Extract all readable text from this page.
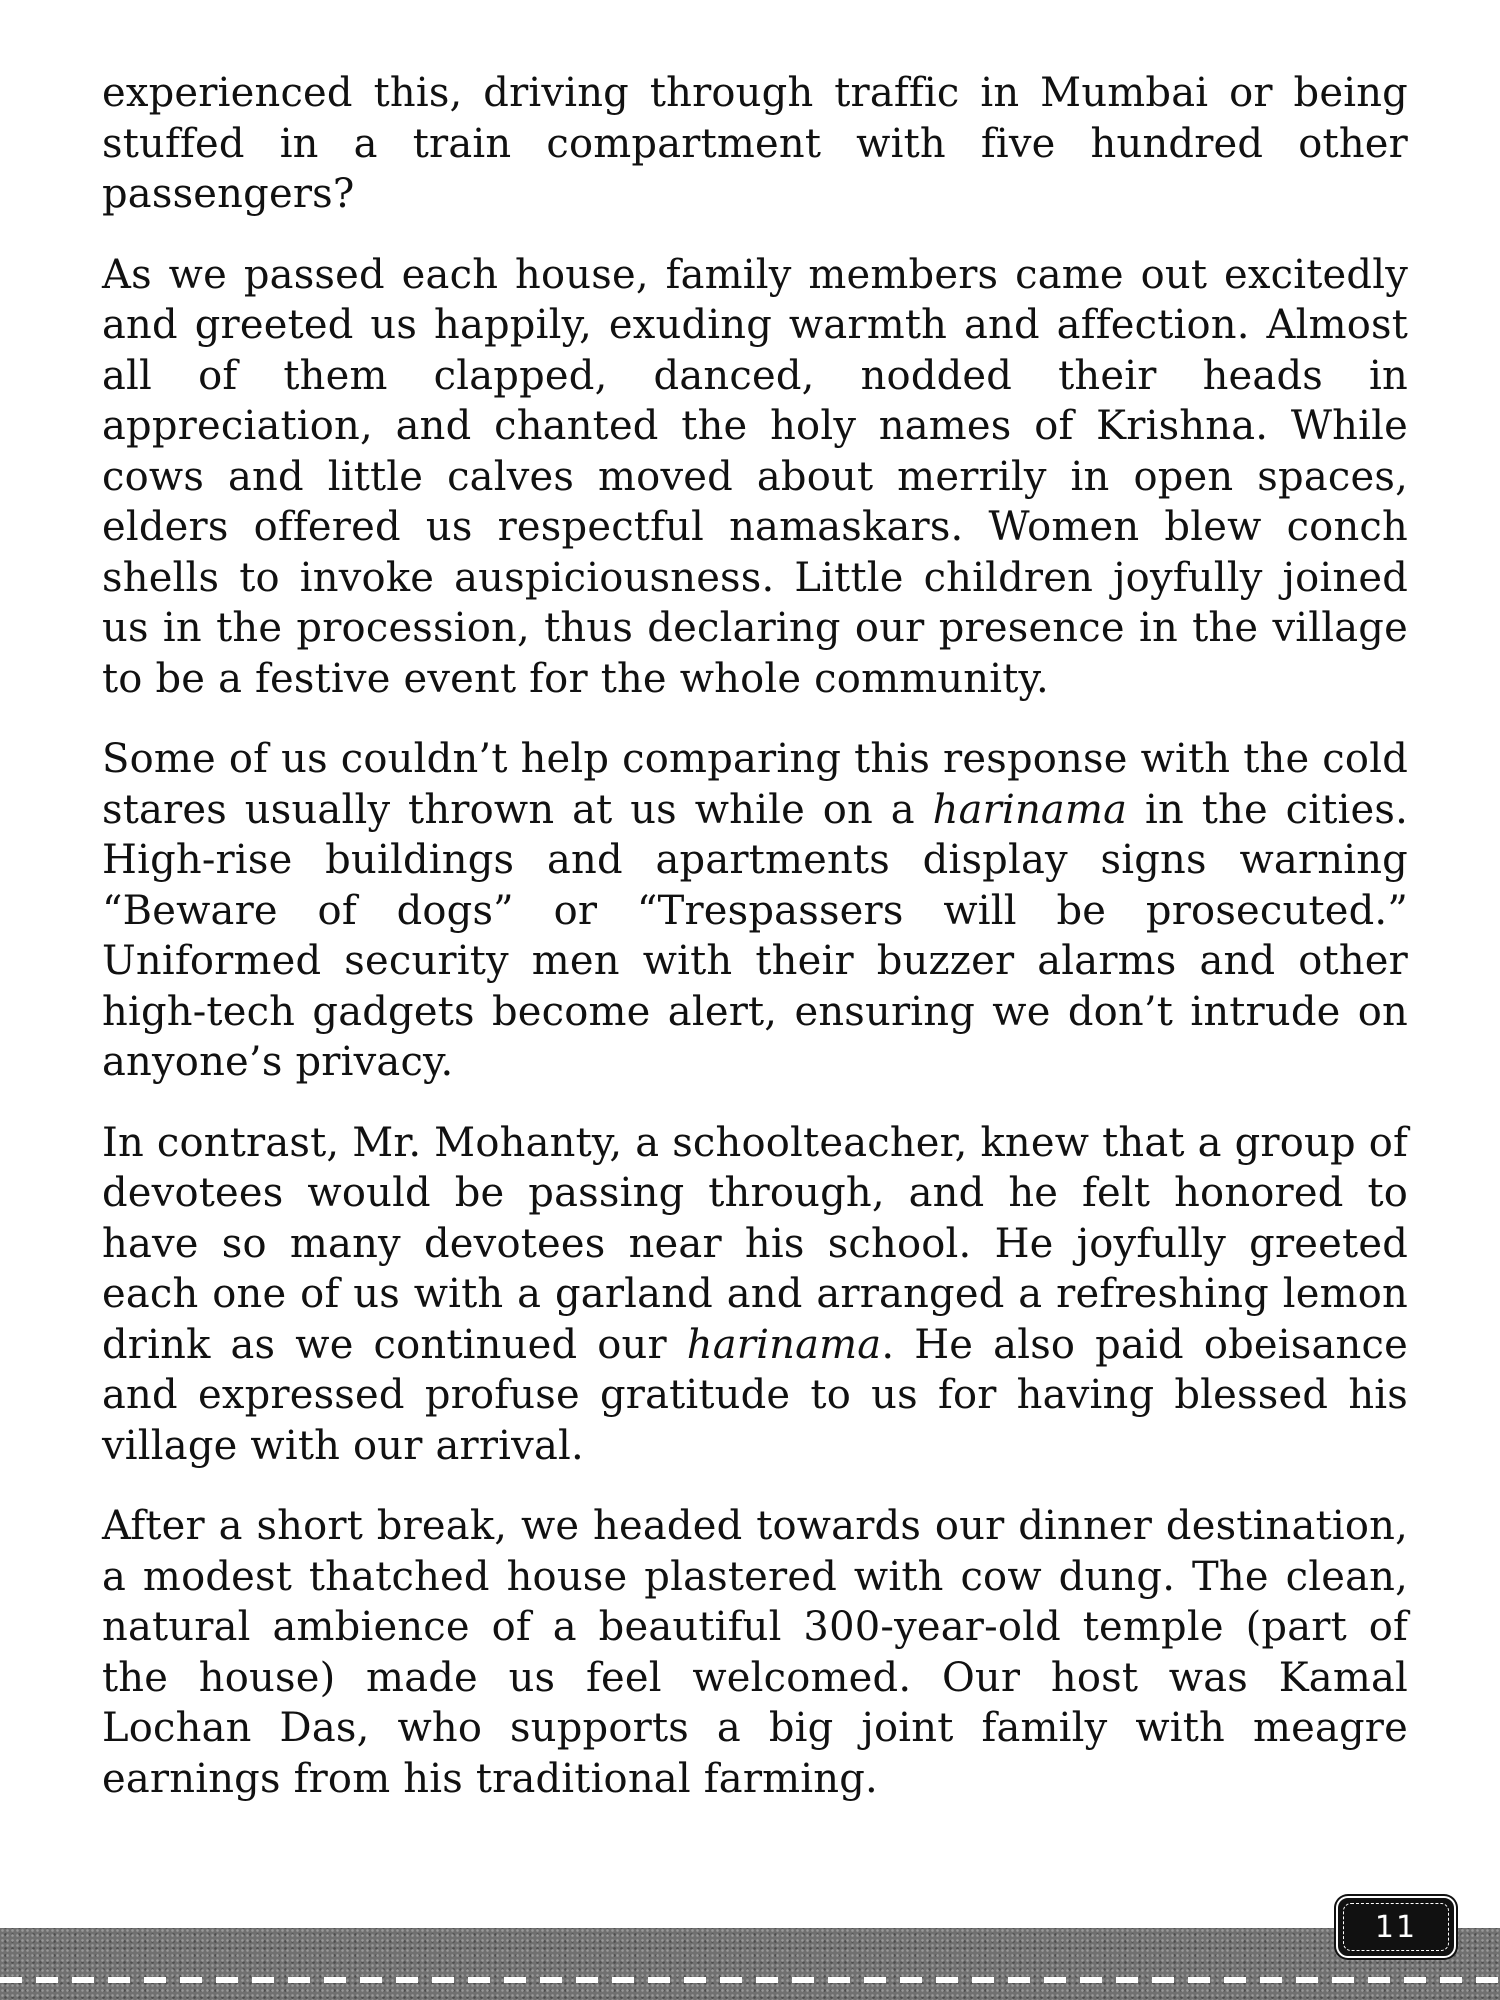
experienced this, driving through traffic in Mumbai or being stuffed in a train compartment with five hundred other passengers?

As we passed each house, family members came out excitedly and greeted us happily, exuding warmth and affection. Almost all of them clapped, danced, nodded their heads in appreciation, and chanted the holy names of Krishna. While cows and little calves moved about merrily in open spaces, elders offered us respectful namaskars. Women blew conch shells to invoke auspiciousness. Little children joyfully joined us in the procession, thus declaring our presence in the village to be a festive event for the whole community.

Some of us couldn’t help comparing this response with the cold stares usually thrown at us while on a harinama in the cities. High-rise buildings and apartments display signs warning “Beware of dogs” or “Trespassers will be prosecuted.” Uniformed security men with their buzzer alarms and other high-tech gadgets become alert, ensuring we don’t intrude on anyone’s privacy.

In contrast, Mr. Mohanty, a schoolteacher, knew that a group of devotees would be passing through, and he felt honored to have so many devotees near his school. He joyfully greeted each one of us with a garland and arranged a refreshing lemon drink as we continued our harinama. He also paid obeisance and expressed profuse gratitude to us for having blessed his village with our arrival.

After a short break, we headed towards our dinner destination, a modest thatched house plastered with cow dung. The clean, natural ambience of a beautiful 300-year-old temple (part of the house) made us feel welcomed. Our host was Kamal Lochan Das, who supports a big joint family with meagre earnings from his traditional farming.

11
